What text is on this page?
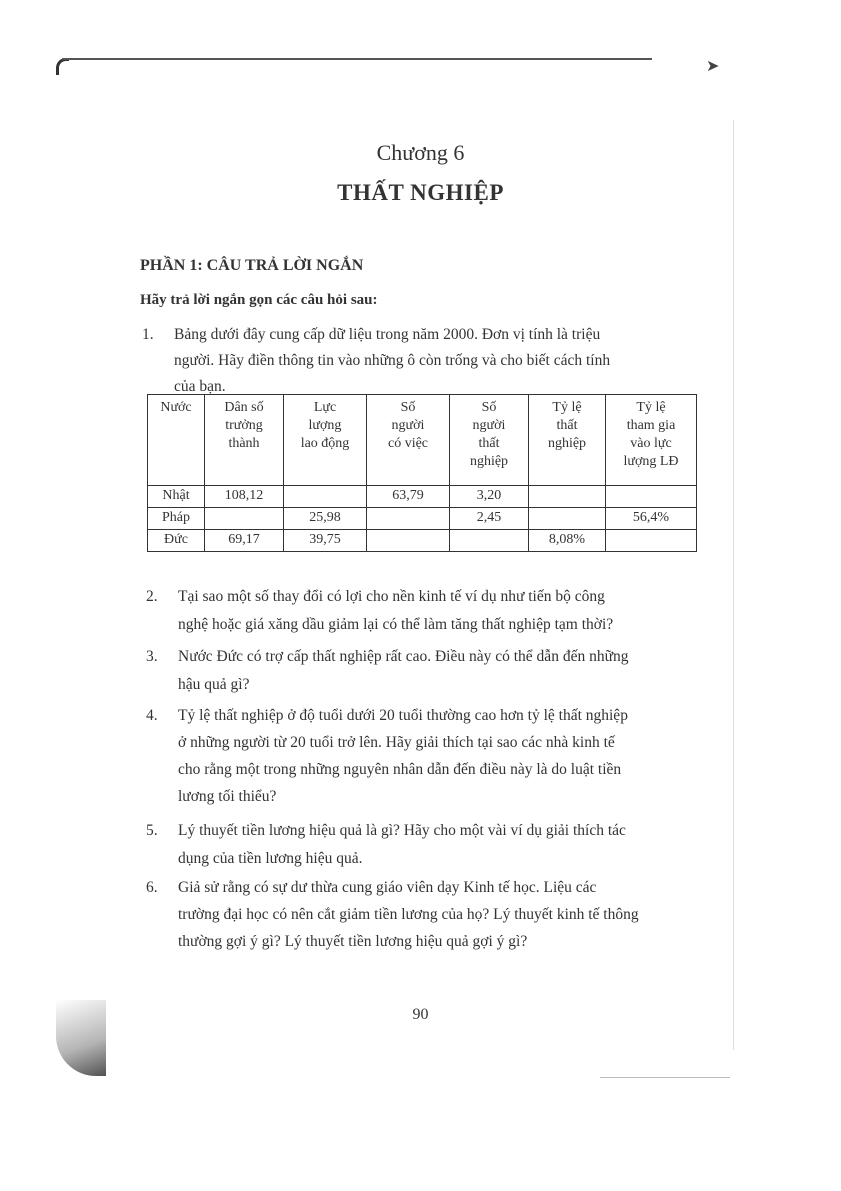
➤
Chương 6
THẤT NGHIỆP
PHẦN 1: CÂU TRẢ LỜI NGẮN
Hãy trả lời ngắn gọn các câu hỏi sau:
1.	Bảng dưới đây cung cấp dữ liệu trong năm 2000. Đơn vị tính là triệu
người. Hãy điền thông tin vào những ô còn trống và cho biết cách tính
của bạn.
Nước	Dân số
trưởng
thành	Lực
lượng
lao động	Số
người
có việc	Số
người
thất
nghiệp	Tỷ lệ
thất
nghiệp	Tỷ lệ
tham gia
vào lực
lượng LĐ
Nhật	108,12		63,79	3,20		
Pháp		25,98		2,45		56,4%
Đức	69,17	39,75			8,08%	
2.	Tại sao một số thay đổi có lợi cho nền kinh tế ví dụ như tiến bộ công
nghệ hoặc giá xăng dầu giảm lại có thể làm tăng thất nghiệp tạm thời?
3.	Nước Đức có trợ cấp thất nghiệp rất cao. Điều này có thể dẫn đến những
hậu quả gì?
4.	Tỷ lệ thất nghiệp ở độ tuổi dưới 20 tuổi thường cao hơn tỷ lệ thất nghiệp
ở những người từ 20 tuổi trở lên. Hãy giải thích tại sao các nhà kinh tế
cho rằng một trong những nguyên nhân dẫn đến điều này là do luật tiền
lương tối thiểu?
5.	Lý thuyết tiền lương hiệu quả là gì? Hãy cho một vài ví dụ giải thích tác
dụng của tiền lương hiệu quả.
6.	Giả sử rằng có sự dư thừa cung giáo viên dạy Kinh tế học. Liệu các
trường đại học có nên cắt giảm tiền lương của họ? Lý thuyết kinh tế thông
thường gợi ý gì? Lý thuyết tiền lương hiệu quả gợi ý gì?
90
